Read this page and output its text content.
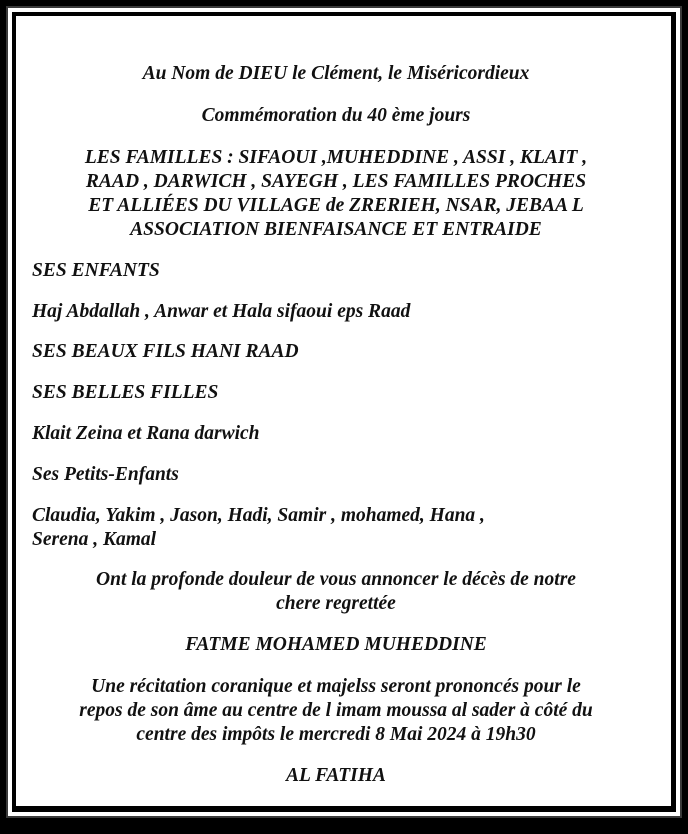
Au Nom de DIEU le Clément, le Miséricordieux

Commémoration du 40 ème jours

LES FAMILLES : SIFAOUI ,MUHEDDINE , ASSI , KLAIT ,

RAAD , DARWICH , SAYEGH , LES FAMILLES PROCHES

ET ALLIÉES DU VILLAGE de ZRERIEH, NSAR, JEBAA L

ASSOCIATION BIENFAISANCE ET ENTRAIDE

SES ENFANTS

Haj Abdallah , Anwar et Hala sifaoui eps Raad

SES BEAUX FILS HANI RAAD

SES BELLES FILLES

Klait Zeina et Rana darwich

Ses Petits-Enfants

Claudia, Yakim , Jason, Hadi, Samir , mohamed, Hana ,

Serena , Kamal

Ont la profonde douleur de vous annoncer le décès de notre

chere regrettée

FATME MOHAMED MUHEDDINE

Une récitation coranique et majelss seront prononcés pour le

repos de son âme au centre de l imam moussa al sader à côté du

centre des impôts le mercredi 8 Mai 2024 à 19h30

AL FATIHA
